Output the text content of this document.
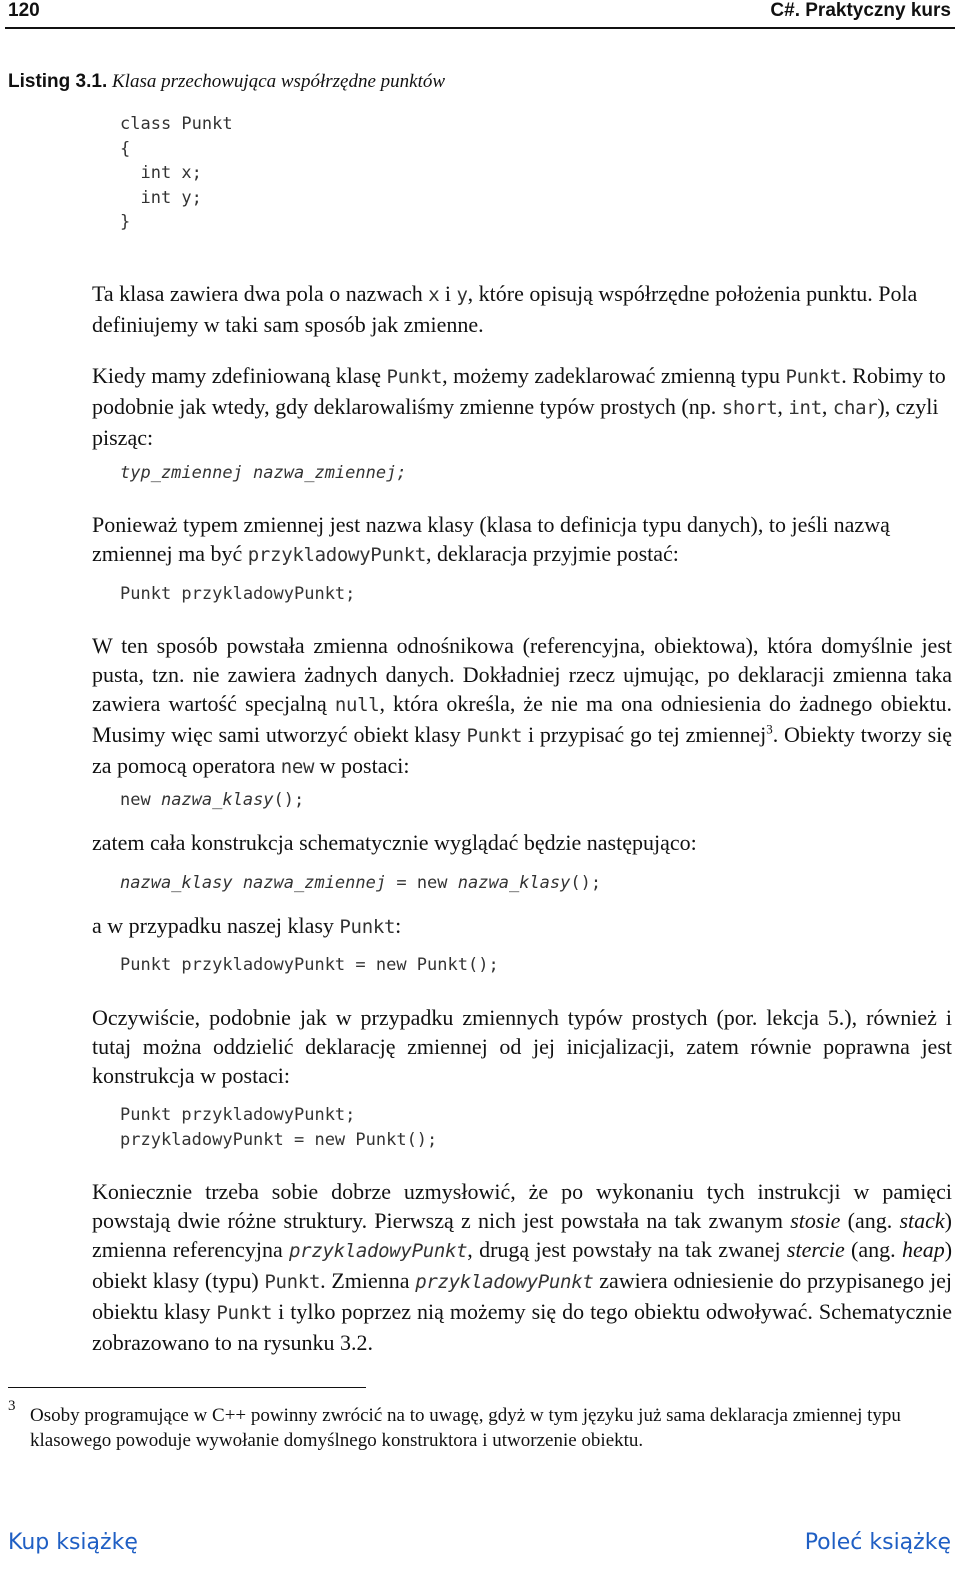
120	C#. Praktyczny kurs
Listing 3.1. Klasa przechowująca współrzędne punktów
class Punkt
{
int x;
int y;
}

Ta klasa zawiera dwa pola o nazwach x i y, które opisują współrzędne położenia punktu. Pola definiujemy w taki sam sposób jak zmienne.

Kiedy mamy zdefiniowaną klasę Punkt, możemy zadeklarować zmienną typu Punkt. Robimy to podobnie jak wtedy, gdy deklarowaliśmy zmienne typów prostych (np. short, int, char), czyli pisząc:

typ_zmiennej nazwa_zmiennej;

Ponieważ typem zmiennej jest nazwa klasy (klasa to definicja typu danych), to jeśli nazwą zmiennej ma być przykladowyPunkt, deklaracja przyjmie postać:

Punkt przykladowyPunkt;

W ten sposób powstała zmienna odnośnikowa (referencyjna, obiektowa), która domyślnie jest pusta, tzn. nie zawiera żadnych danych. Dokładniej rzecz ujmując, po deklaracji zmienna taka zawiera wartość specjalną null, która określa, że nie ma ona odniesienia do żadnego obiektu. Musimy więc sami utworzyć obiekt klasy Punkt i przypisać go tej zmiennej$^3$. Obiekty tworzy się za pomocą operatora new w postaci:

new nazwa_klasy();

zatem cała konstrukcja schematycznie wyglądać będzie następująco:

nazwa_klasy nazwa_zmiennej = new nazwa_klasy();

a w przypadku naszej klasy Punkt:

Punkt przykladowyPunkt = new Punkt();

Oczywiście, podobnie jak w przypadku zmiennych typów prostych (por. lekcja 5.), również i tutaj można oddzielić deklarację zmiennej od jej inicjalizacji, zatem równie poprawna jest konstrukcja w postaci:

Punkt przykladowyPunkt;
przykladowyPunkt = new Punkt();

Koniecznie trzeba sobie dobrze uzmysłowić, że po wykonaniu tych instrukcji w pamięci powstają dwie różne struktury. Pierwszą z nich jest powstała na tak zwanym stosie (ang. stack) zmienna referencyjna przykladowyPunkt, drugą jest powstały na tak zwanej stercie (ang. heap) obiekt klasy (typu) Punkt. Zmienna przykladowyPunkt zawiera odniesienie do przypisanego jej obiektu klasy Punkt i tylko poprzez nią możemy się do tego obiektu odwoływać. Schematycznie zobrazowano to na rysunku 3.2.

3 Osoby programujące w C++ powinny zwrócić na to uwagę, gdyż w tym języku już sama deklaracja zmiennej typu klasowego powoduje wywołanie domyślnego konstruktora i utworzenie obiektu.

Kup książkę	Poleć książkę
